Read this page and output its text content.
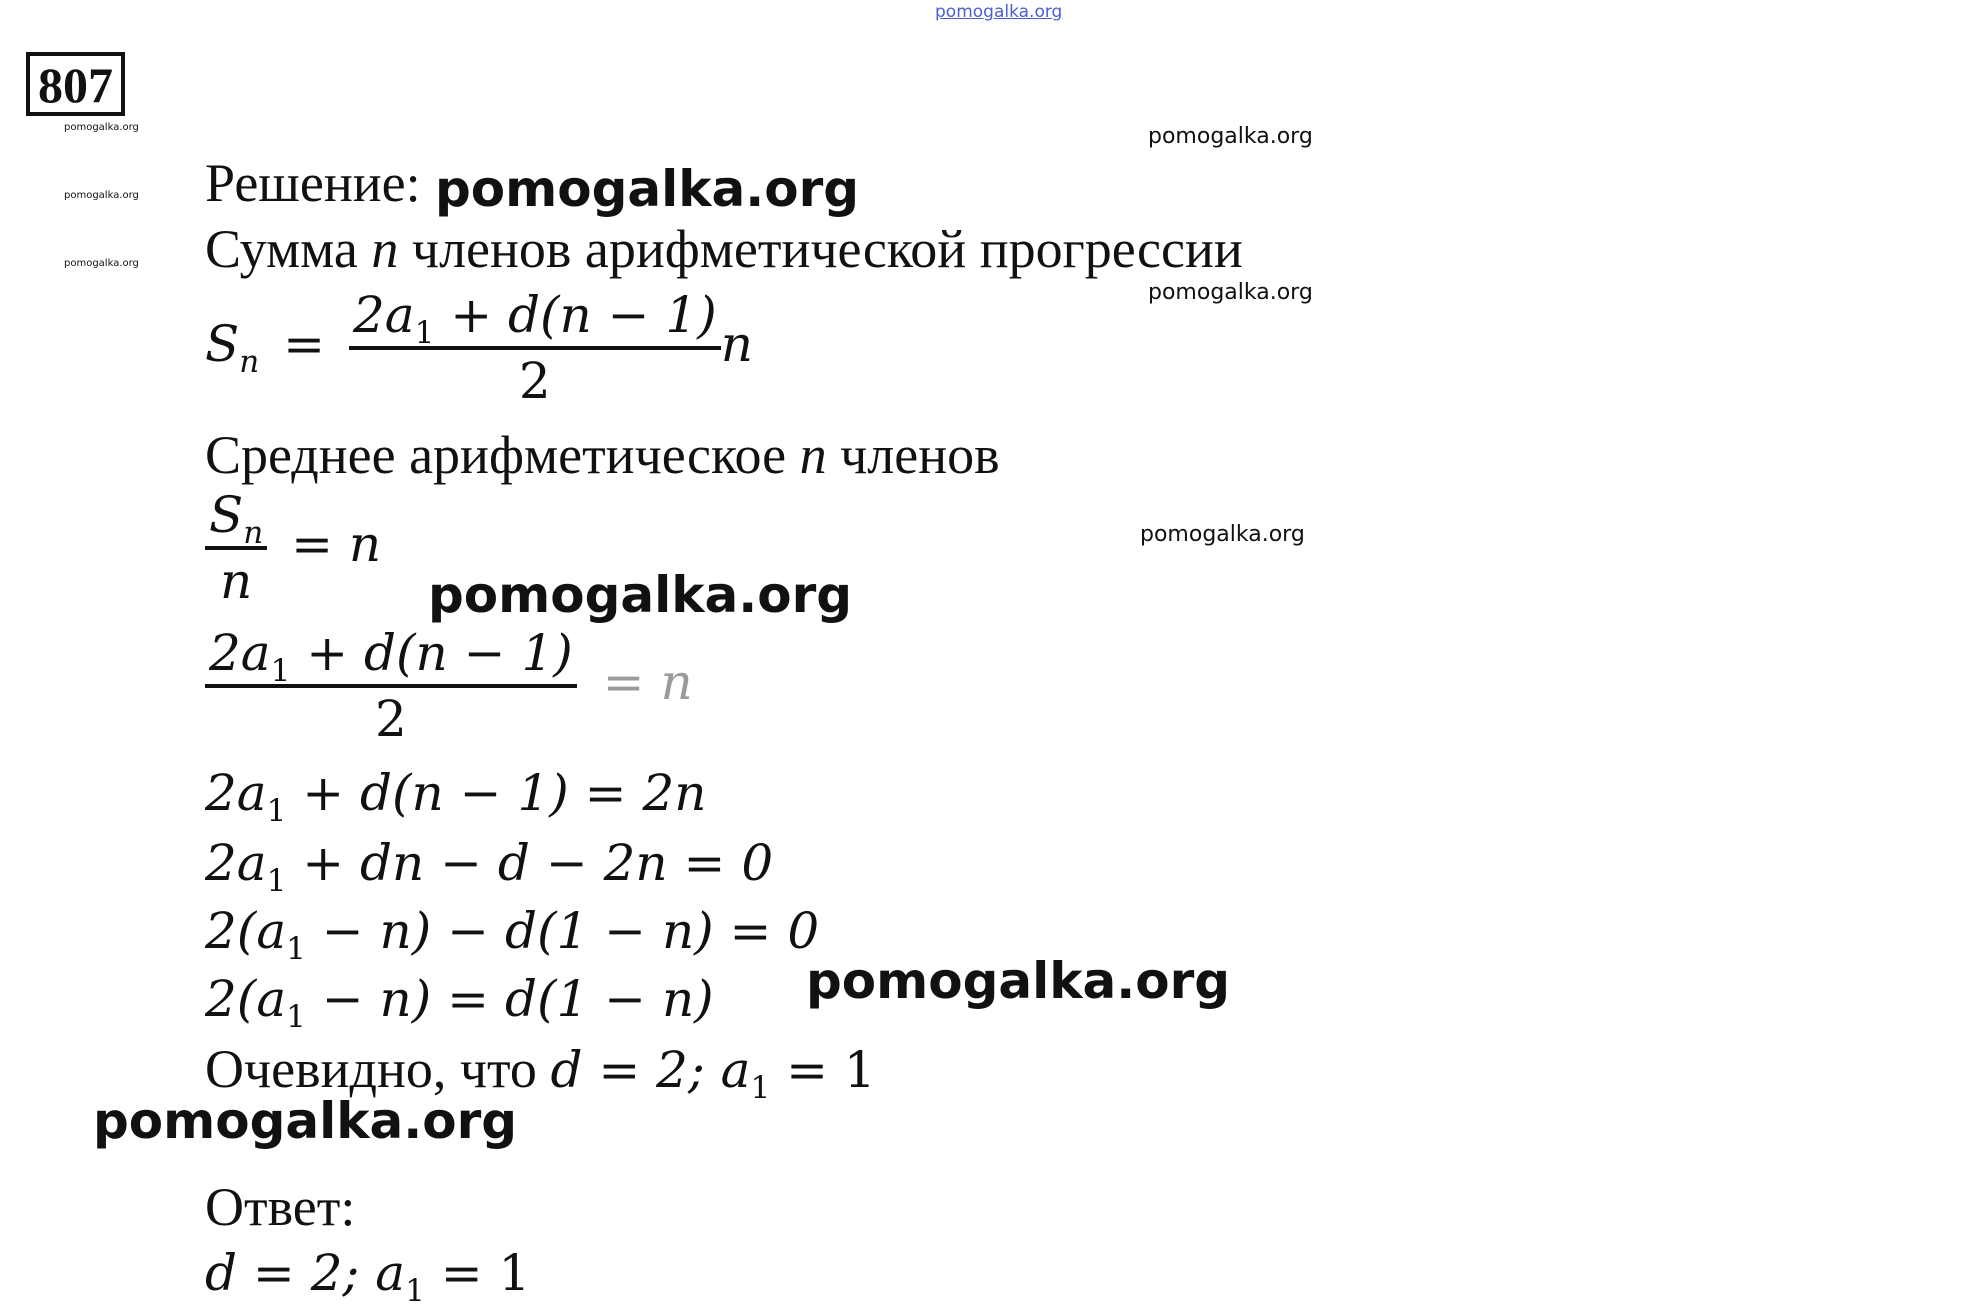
pomogalka.org
807
pomogalka.org
pomogalka.org
pomogalka.org
pomogalka.org
pomogalka.org
pomogalka.org
Решение:
Сумма n членов арифметической прогрессии
$S_n = \frac{2a_1 + d(n - 1)}{2}$ n
Среднее арифметическое n членов
$\frac{S_n}{n} = n$
$\frac{2a_1 + d(n - 1)}{2} = n$
$2a_1 + d(n - 1) = 2n$
$2a_1$ + dn − d − 2n = 0
$2(a_1 - n) - d(1 - n) = 0$
$2(a_1 - n) = d(1 - n)$
Очевидно, что d = 2; $a_1 = 1$
Ответ:
d = 2; $a_1 = 1$
pomogalka.org
pomogalka.org
pomogalka.org
pomogalka.org
